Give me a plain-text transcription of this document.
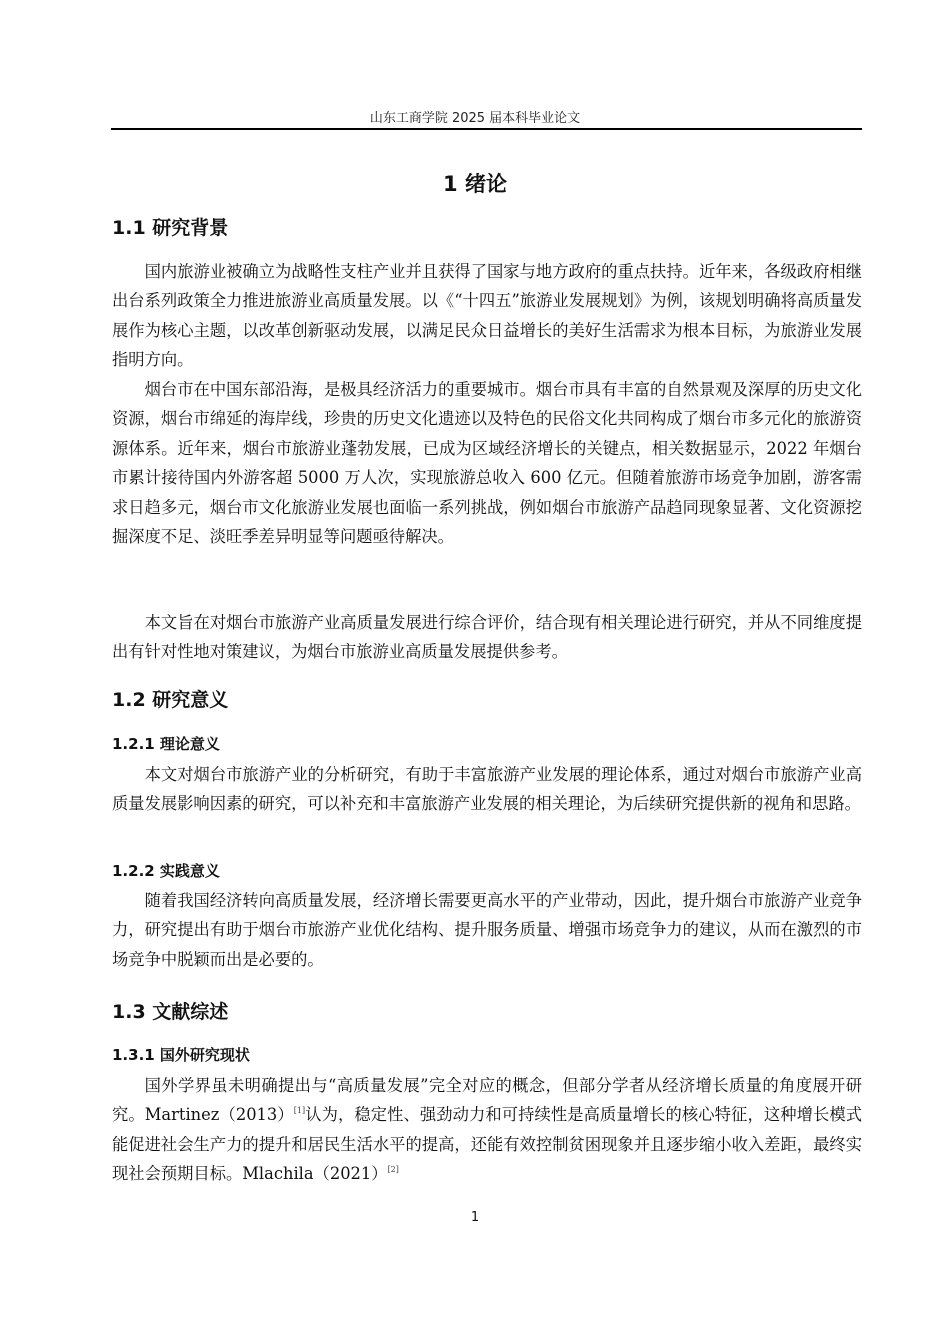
山东工商学院 2025 届本科毕业论文
1 绪论
1.1 研究背景

国内旅游业被确立为战略性支柱产业并且获得了国家与地方政府的重点扶持。近年来，各级政府相继出台系列政策全力推进旅游业高质量发展。以《“十四五”旅游业发展规划》为例，该规划明确将高质量发展作为核心主题，以改革创新驱动发展，以满足民众日益增长的美好生活需求为根本目标，为旅游业发展指明方向。

烟台市在中国东部沿海，是极具经济活力的重要城市。烟台市具有丰富的自然景观及深厚的历史文化资源，烟台市绵延的海岸线，珍贵的历史文化遗迹以及特色的民俗文化共同构成了烟台市多元化的旅游资源体系。近年来，烟台市旅游业蓬勃发展，已成为区域经济增长的关键点，相关数据显示，2022 年烟台市累计接待国内外游客超 5000 万人次，实现旅游总收入 600 亿元。但随着旅游市场竞争加剧，游客需求日趋多元，烟台市文化旅游业发展也面临一系列挑战，例如烟台市旅游产品趋同现象显著、文化资源挖掘深度不足、淡旺季差异明显等问题亟待解决。

本文旨在对烟台市旅游产业高质量发展进行综合评价，结合现有相关理论进行研究，并从不同维度提出有针对性地对策建议，为烟台市旅游业高质量发展提供参考。

1.2 研究意义
1.2.1 理论意义

本文对烟台市旅游产业的分析研究，有助于丰富旅游产业发展的理论体系，通过对烟台市旅游产业高质量发展影响因素的研究，可以补充和丰富旅游产业发展的相关理论，为后续研究提供新的视角和思路。

1.2.2 实践意义

随着我国经济转向高质量发展，经济增长需要更高水平的产业带动，因此，提升烟台市旅游产业竞争力，研究提出有助于烟台市旅游产业优化结构、提升服务质量、增强市场竞争力的建议，从而在激烈的市场竞争中脱颖而出是必要的。

1.3 文献综述
1.3.1 国外研究现状

国外学界虽未明确提出与“高质量发展”完全对应的概念，但部分学者从经济增长质量的角度展开研究。Martinez（2013）[1]认为，稳定性、强劲动力和可持续性是高质量增长的核心特征，这种增长模式能促进社会生产力的提升和居民生活水平的提高，还能有效控制贫困现象并且逐步缩小收入差距，最终实现社会预期目标。Mlachila（2021）[2]

1
